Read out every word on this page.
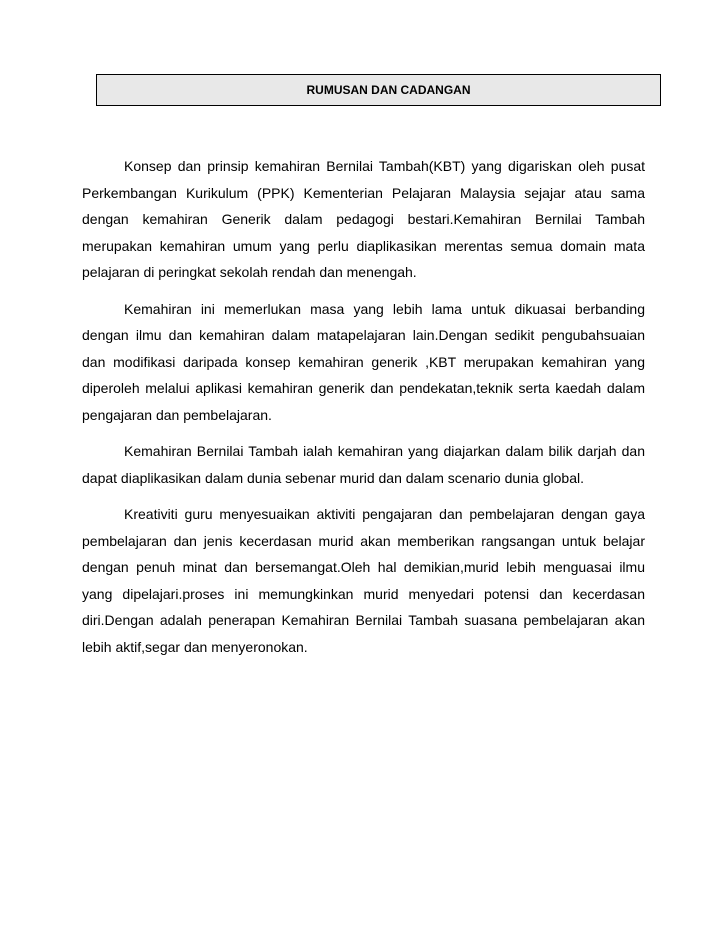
RUMUSAN DAN CADANGAN

Konsep dan prinsip kemahiran Bernilai Tambah(KBT) yang digariskan oleh pusat Perkembangan Kurikulum (PPK) Kementerian Pelajaran Malaysia sejajar atau sama dengan kemahiran Generik dalam pedagogi bestari.Kemahiran Bernilai Tambah merupakan kemahiran umum yang perlu diaplikasikan merentas semua domain mata pelajaran di peringkat sekolah rendah dan menengah.

Kemahiran ini memerlukan masa yang lebih lama untuk dikuasai berbanding dengan ilmu dan kemahiran dalam matapelajaran lain.Dengan sedikit pengubahsuaian dan modifikasi daripada konsep kemahiran generik ,KBT merupakan kemahiran yang diperoleh melalui aplikasi kemahiran generik dan pendekatan,teknik serta kaedah dalam pengajaran dan pembelajaran.

Kemahiran Bernilai Tambah ialah kemahiran yang diajarkan dalam bilik darjah dan dapat diaplikasikan dalam dunia sebenar murid dan dalam scenario dunia global.

Kreativiti guru menyesuaikan aktiviti pengajaran dan pembelajaran dengan gaya pembelajaran dan jenis kecerdasan murid akan memberikan rangsangan untuk belajar dengan penuh minat dan bersemangat.Oleh hal demikian,murid lebih menguasai ilmu yang dipelajari.proses ini memungkinkan murid menyedari potensi dan kecerdasan diri.Dengan adalah penerapan Kemahiran Bernilai Tambah suasana pembelajaran akan lebih aktif,segar dan menyeronokan.
